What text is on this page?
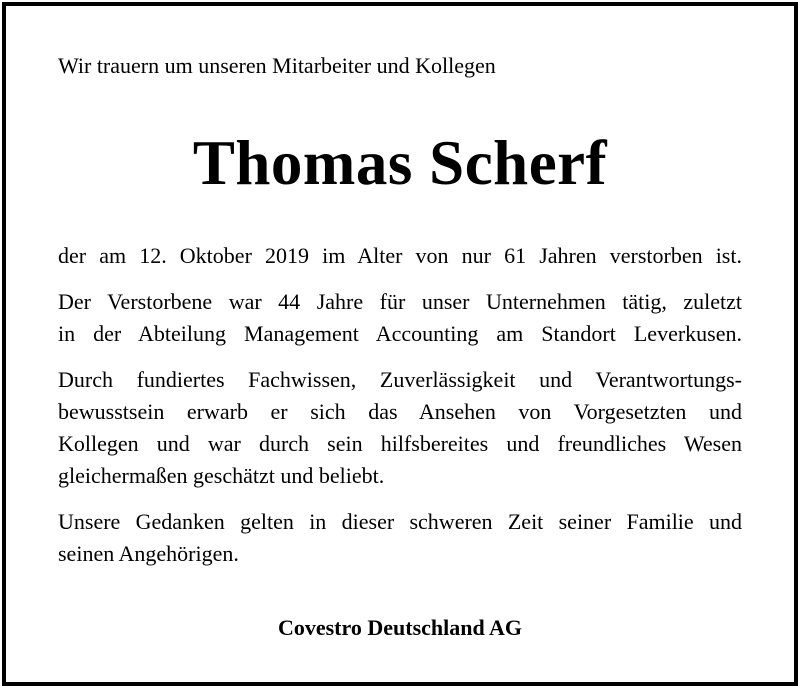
Wir trauern um unseren Mitarbeiter und Kollegen

Thomas Scherf

der am 12. Oktober 2019 im Alter von nur 61 Jahren verstorben ist.

Der Verstorbene war 44 Jahre für unser Unternehmen tätig, zuletzt

in der Abteilung Management Accounting am Standort Leverkusen.

Durch fundiertes Fachwissen, Zuverlässigkeit und Verantwortungs-

bewusstsein erwarb er sich das Ansehen von Vorgesetzten und

Kollegen und war durch sein hilfsbereites und freundliches Wesen

gleichermaßen geschätzt und beliebt.

Unsere Gedanken gelten in dieser schweren Zeit seiner Familie und

seinen Angehörigen.

Covestro Deutschland AG
